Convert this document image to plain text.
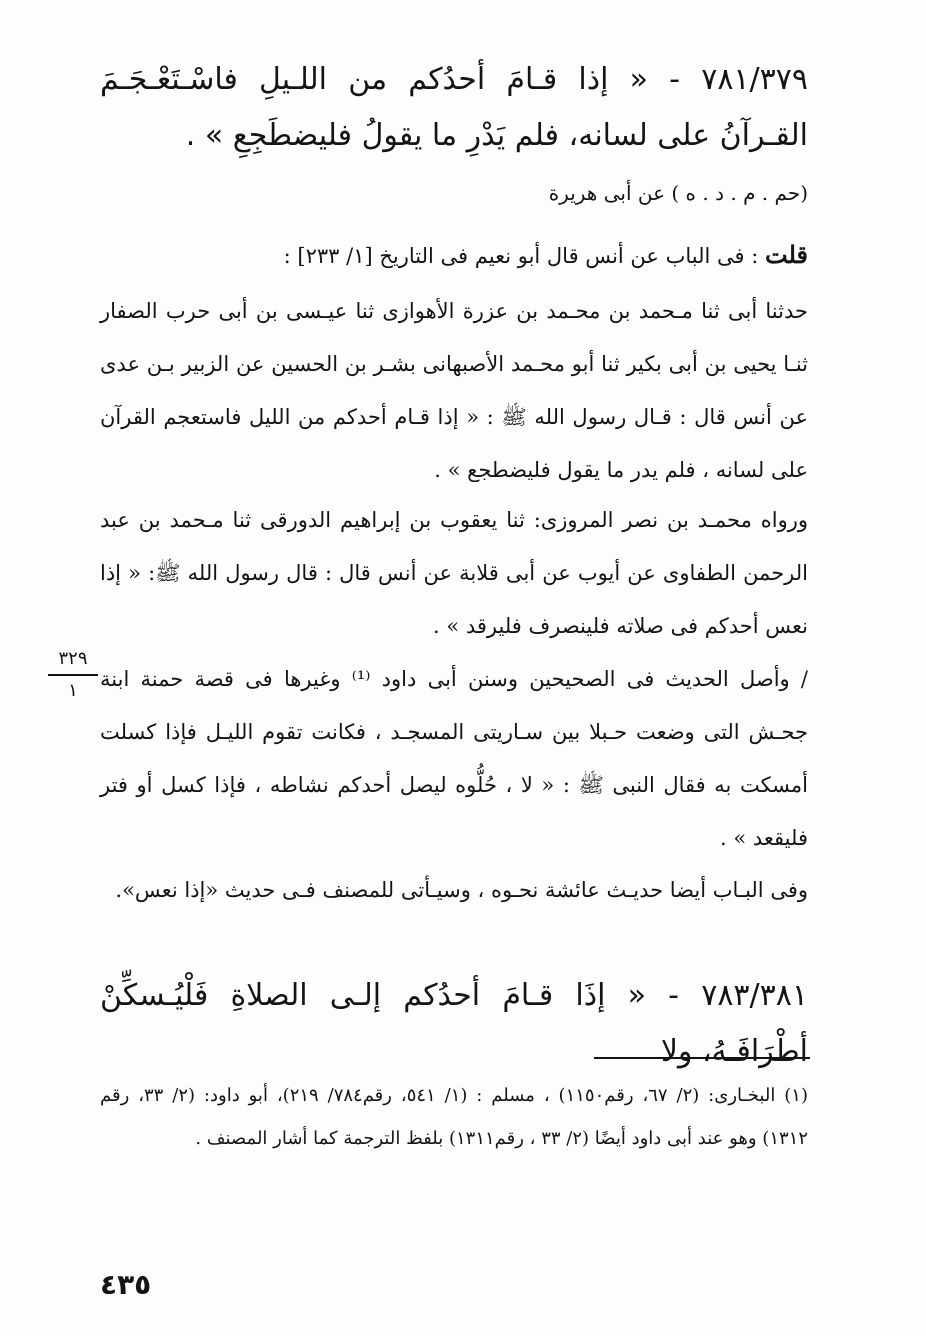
٧٨١/٣٧٩ - « إذا قـامَ أحدُكم من اللـيلِ فاسْـتَعْـجَـمَ القـرآنُ على لسانه، فلم يَدْرِ ما يقولُ فليضطَجِعِ » .

(حم . م . د . ه ) عن أبى هريرة

قلت : فى الباب عن أنس قال أبو نعيم فى التاريخ [١/ ٢٣٣] :

حدثنا أبى ثنا مـحمد بن محـمد بن عزرة الأهوازى ثنا عيـسى بن أبى حرب الصفار ثنـا يحيى بن أبى بكير ثنا أبو محـمد الأصبهانى بشـر بن الحسين عن الزبير بـن عدى عن أنس قال : قـال رسول الله ﷺ : « إذا قـام أحدكم من الليل فاستعجم القرآن على لسانه ، فلم يدر ما يقول فليضطجع » .

ورواه محمـد بن نصر المروزى: ثنا يعقوب بن إبراهيم الدورقى ثنا مـحمد بن عبد الرحمن الطفاوى عن أيوب عن أبى قلابة عن أنس قال : قال رسول الله ﷺ: « إذا نعس أحدكم فى صلاته فلينصرف فليرقد » .

/ وأصل الحديث فى الصحيحين وسنن أبى داود ⁽¹⁾ وغيرها فى قصة حمنة ابنة جحـش التى وضعت حـبلا بين سـاريتى المسجـد ، فكانت تقوم الليـل فإذا كسلت أمسكت به فقال النبى ﷺ : « لا ، حُلُّوه ليصل أحدكم نشاطه ، فإذا كسل أو فتر فليقعد » .

٣٢٩
١

وفى البـاب أيضا حديـث عائشة نحـوه ، وسيـأتى للمصنف فـى حديث «إذا نعس».

٧٨٣/٣٨١ - « إذَا قـامَ أحدُكم إلـى الصلاةِ فَلْيُـسكِّنْ أطْرَافَـهُ، ولا

(١) البخـارى: (٢/ ٦٧، رقم١١٥٠) ، مسلم : (١/ ٥٤١، رقم٧٨٤/ ٢١٩)، أبو داود: (٢/ ٣٣، رقم ١٣١٢) وهو عند أبى داود أيضًا (٢/ ٣٣ ، رقم١٣١١) بلفظ الترجمة كما أشار المصنف .

٤٣٥
